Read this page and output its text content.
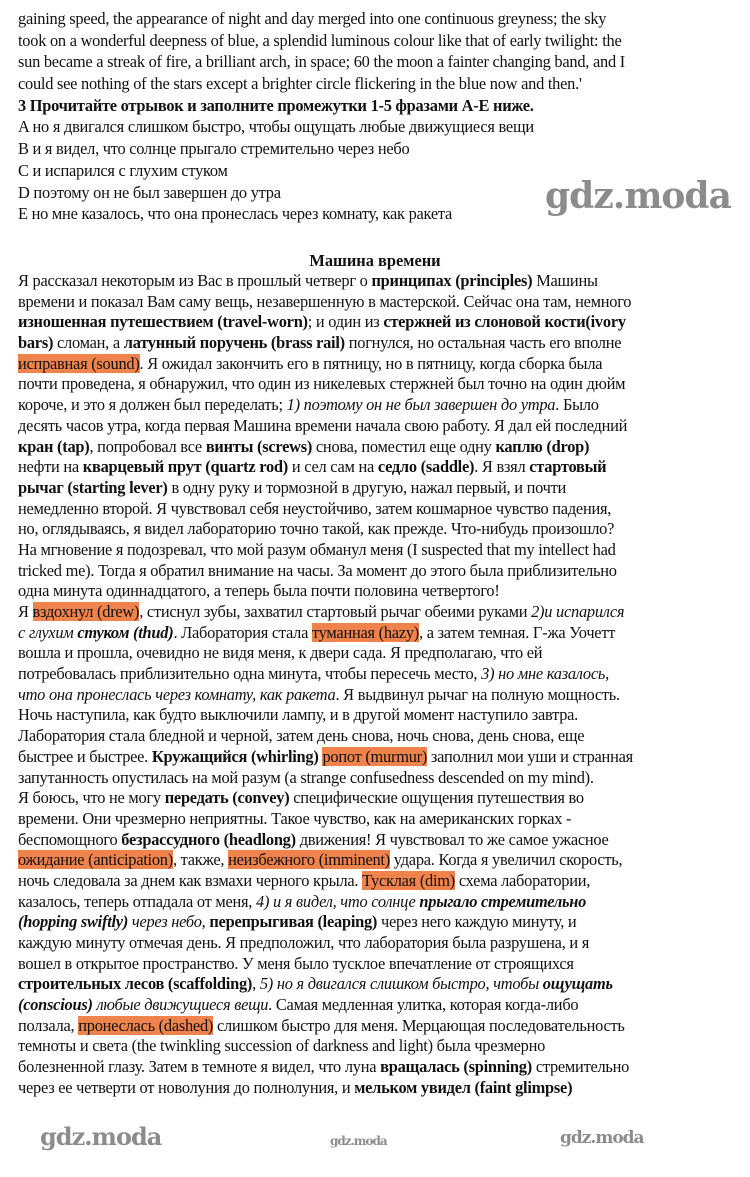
gaining speed, the appearance of night and day merged into one continuous greyness; the sky
took on a wonderful deepness of blue, a splendid luminous colour like that of early twilight: the
sun became a streak of fire, a brilliant arch, in space; 60 the moon a fainter changing band, and I
could see nothing of the stars except a brighter circle flickering in the blue now and then.'
3 Прочитайте отрывок и заполните промежутки 1-5 фразами A-E ниже.
A но я двигался слишком быстро, чтобы ощущать любые движущиеся вещи
B и я видел, что солнце прыгало стремительно через небо
C и испарился с глухим стуком
D поэтому он не был завершен до утра
E но мне казалось, что она пронеслась через комнату, как ракета
Машина времени
Я рассказал некоторым из Вас в прошлый четверг о принципах (principles) Машины
времени и показал Вам саму вещь, незавершенную в мастерской. Сейчас она там, немного
изношенная путешествием (travel-worn); и один из стержней из слоновой кости(ivory
bars) сломан, а латунный поручень (brass rail) погнулся, но остальная часть его вполне
исправная (sound). Я ожидал закончить его в пятницу, но в пятницу, когда сборка была
почти проведена, я обнаружил, что один из никелевых стержней был точно на один дюйм
короче, и это я должен был переделать; 1) поэтому он не был завершен до утра. Было
десять часов утра, когда первая Машина времени начала свою работу. Я дал ей последний
кран (tap), попробовал все винты (screws) снова, поместил еще одну каплю (drop)
нефти на кварцевый прут (quartz rod) и сел сам на седло (saddle). Я взял стартовый
рычаг (starting lever) в одну руку и тормозной в другую, нажал первый, и почти
немедленно второй. Я чувствовал себя неустойчиво, затем кошмарное чувство падения,
но, оглядываясь, я видел лабораторию точно такой, как прежде. Что-нибудь произошло?
На мгновение я подозревал, что мой разум обманул меня (I suspected that my intellect had
tricked me). Тогда я обратил внимание на часы. За момент до этого была приблизительно
одна минута одиннадцатого, а теперь была почти половина четвертого!
Я вздохнул (drew), стиснул зубы, захватил стартовый рычаг обеими руками 2)и испарился
с глухим стуком (thud). Лаборатория стала туманная (hazy), а затем темная. Г-жа Уочетт
вошла и прошла, очевидно не видя меня, к двери сада. Я предполагаю, что ей
потребовалась приблизительно одна минута, чтобы пересечь место, 3) но мне казалось,
что она пронеслась через комнату, как ракета. Я выдвинул рычаг на полную мощность.
Ночь наступила, как будто выключили лампу, и в другой момент наступило завтра.
Лаборатория стала бледной и черной, затем день снова, ночь снова, день снова, еще
быстрее и быстрее. Кружащийся (whirling) ропот (murmur) заполнил мои уши и странная
запутанность опустилась на мой разум (a strange confusedness descended on my mind).
Я боюсь, что не могу передать (convey) специфические ощущения путешествия во
времени. Они чрезмерно неприятны. Такое чувство, как на американских горках -
беспомощного безрассудного (headlong) движения! Я чувствовал то же самое ужасное
ожидание (anticipation), также, неизбежного (imminent) удара. Когда я увеличил скорость,
ночь следовала за днем как взмахи черного крыла. Тусклая (dim) схема лаборатории,
казалось, теперь отпадала от меня, 4) и я видел, что солнце прыгало стремительно
(hopping swiftly) через небо, перепрыгивая (leaping) через него каждую минуту, и
каждую минуту отмечая день. Я предположил, что лаборатория была разрушена, и я
вошел в открытое пространство. У меня было тусклое впечатление от строящихся
строительных лесов (scaffolding), 5) но я двигался слишком быстро, чтобы ощущать
(conscious) любые движущиеся вещи. Самая медленная улитка, которая когда-либо
ползала, пронеслась (dashed) слишком быстро для меня. Мерцающая последовательность
темноты и света (the twinkling succession of darkness and light) была чрезмерно
болезненной глазу. Затем в темноте я видел, что луна вращалась (spinning) стремительно
через ее четверти от новолуния до полнолуния, и мельком увидел (faint glimpse)
gdz.moda
gdz.moda	gdz.moda	gdz.moda
